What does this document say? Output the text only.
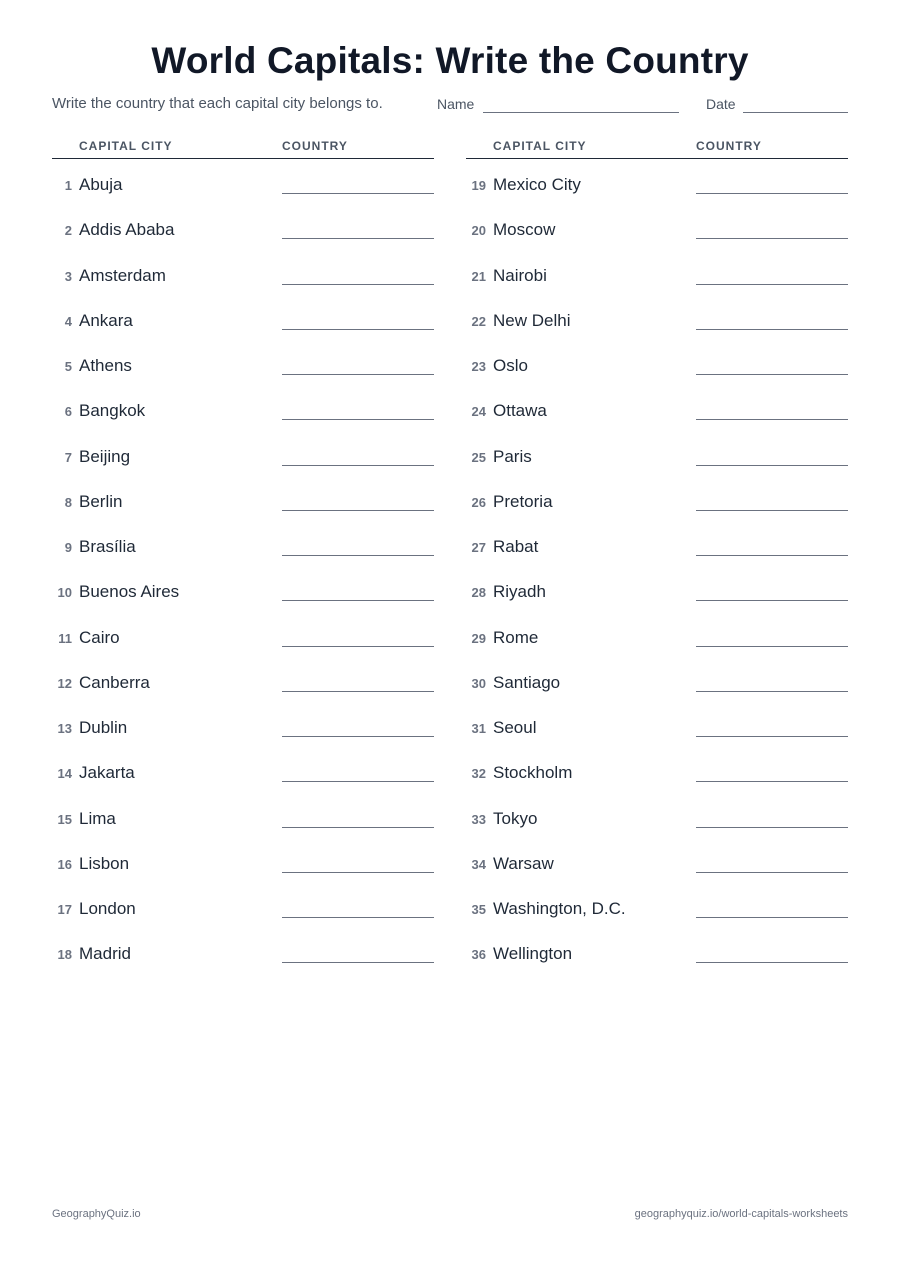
World Capitals: Write the Country
Write the country that each capital city belongs to.	Name	Date
CAPITAL CITY	COUNTRY
1 Abuja
2 Addis Ababa
3 Amsterdam
4 Ankara
5 Athens
6 Bangkok
7 Beijing
8 Berlin
9 Brasília
10 Buenos Aires
11 Cairo
12 Canberra
13 Dublin
14 Jakarta
15 Lima
16 Lisbon
17 London
18 Madrid
CAPITAL CITY	COUNTRY
19 Mexico City
20 Moscow
21 Nairobi
22 New Delhi
23 Oslo
24 Ottawa
25 Paris
26 Pretoria
27 Rabat
28 Riyadh
29 Rome
30 Santiago
31 Seoul
32 Stockholm
33 Tokyo
34 Warsaw
35 Washington, D.C.
36 Wellington
GeographyQuiz.io	geographyquiz.io/world-capitals-worksheets
